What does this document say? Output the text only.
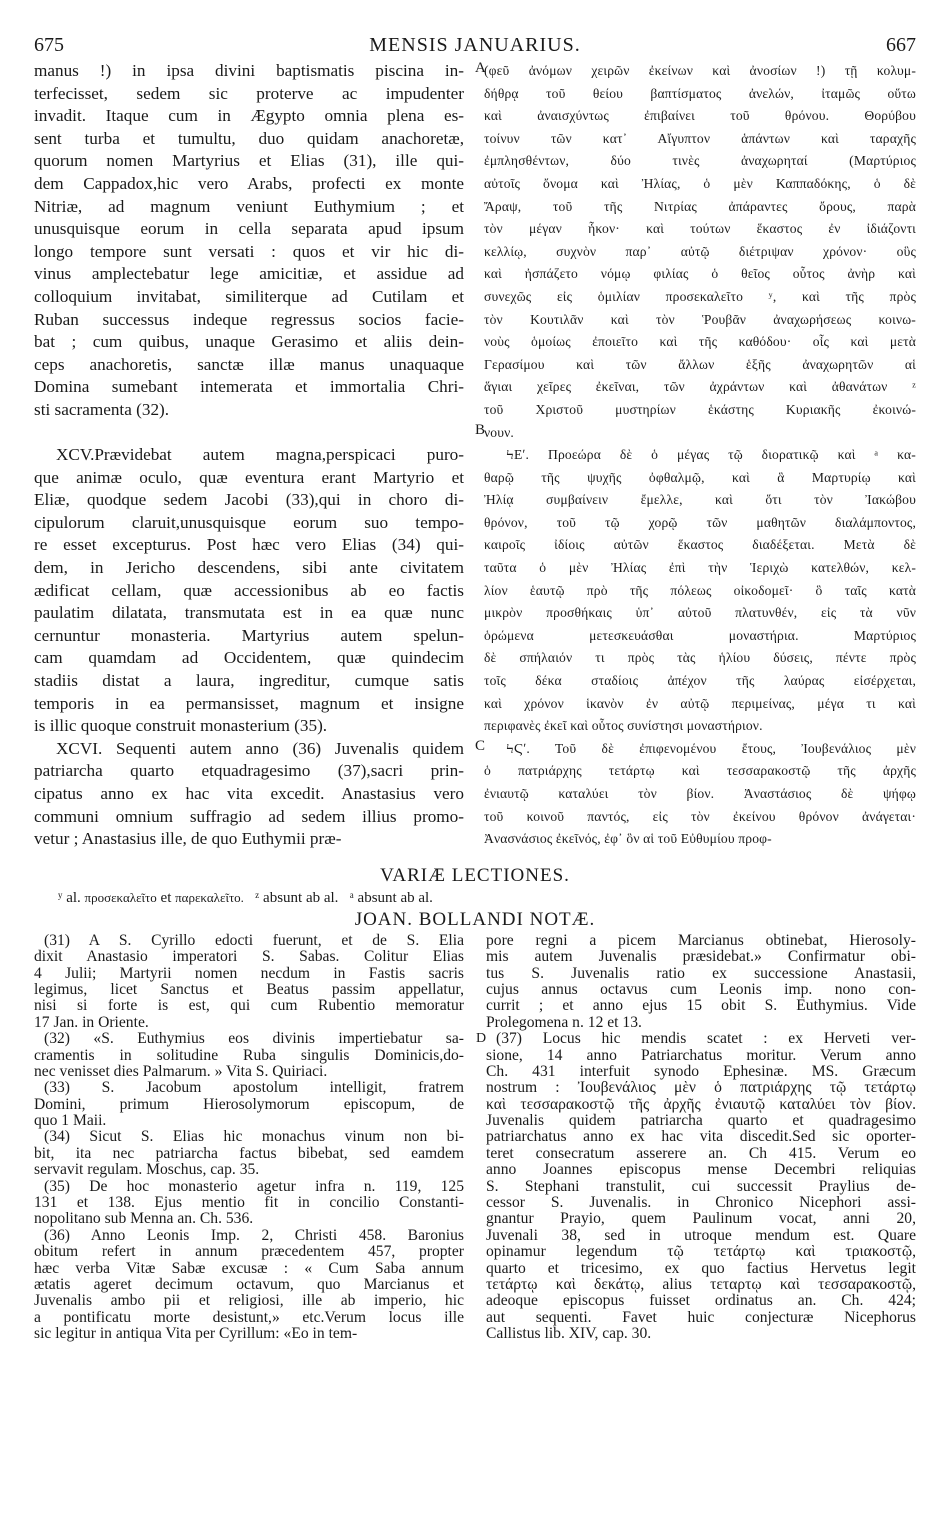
675	MENSIS JANUARIUS.	667
manus !) in ipsa divini baptismatis piscina in-
terfecisset, sedem sic proterve ac impudenter
invadit. Itaque cum in Ægypto omnia plena es-
sent turba et tumultu, duo quidam anachoretæ,
quorum nomen Martyrius et Elias (31), ille qui-
dem Cappadox,hic vero Arabs, profecti ex monte
Nitriæ, ad magnum veniunt Euthymium ; et
unusquisque eorum in cella separata apud ipsum
longo tempore sunt versati : quos et vir hic di-
vinus amplectebatur lege amicitiæ, et assidue ad
colloquium invitabat, similiterque ad Cutilam et
Ruban successus indeque regressus socios facie-
bat ; cum quibus, unaque Gerasimo et aliis dein-
ceps anachoretis, sanctæ illæ manus unaquaque
Domina sumebant intemerata et immortalia Chri-
sti sacramenta (32).
XCV.Prævidebat autem magna,perspicaci puro-
que animæ oculo, quæ eventura erant Martyrio et
Eliæ, quodque sedem Jacobi (33),qui in choro di-
cipulorum claruit,unusquisque eorum suo tempo-
re esset excepturus. Post hæc vero Elias (34) qui-
dem, in Jericho descendens, sibi ante civitatem
ædificat cellam, quæ accessionibus ab eo factis
paulatim dilatata, transmutata est in ea quæ nunc
cernuntur monasteria. Martyrius autem spelun-
cam quamdam ad Occidentem, quæ quindecim
stadiis distat a laura, ingreditur, cumque satis
temporis in ea permansisset, magnum et insigne
is illic quoque construit monasterium (35).
XCVI. Sequenti autem anno (36) Juvenalis quidem
patriarcha quarto etquadragesimo (37),sacri prin-
cipatus anno ex hac vita excedit. Anastasius vero
communi omnium suffragio ad sedem illius promo-
vetur ; Anastasius ille, de quo Euthymii præ-
(φεῦ ἀνόμων χειρῶν ἐκείνων καὶ ἀνοσίων !) τῇ κολυμ-
δήθρᾳ τοῦ θείου βαπτίσματος ἀνελών, ἰταμῶς οὕτω
καὶ ἀναισχύντως ἐπιβαίνει τοῦ θρόνου. Θορύβου
τοίνυν τῶν κατ᾽ Αἴγυπτον ἁπάντων καὶ ταραχῆς
ἐμπλησθέντων, δύο τινὲς ἀναχωρηταί (Μαρτύριος
αὐτοῖς ὄνομα καὶ Ἠλίας, ὁ μὲν Καππαδόκης, ὁ δὲ
Ἄραψ, τοῦ τῆς Νιτρίας ἀπάραντες ὄρους, παρὰ
τὸν μέγαν ἧκον· καὶ τούτων ἕκαστος ἐν ἰδιάζοντι
κελλίῳ, συχνὸν παρ᾽ αὐτῷ διέτριψαν χρόνον· οὓς
καὶ ἠσπάζετο νόμῳ φιλίας ὁ θεῖος οὗτος ἀνὴρ καὶ
συνεχῶς εἰς ὁμιλίαν προσεκαλεῖτο ʸ, καὶ τῆς πρὸς
τὸν Κουτιλᾶν καὶ τὸν Ῥουβᾶν ἀναχωρήσεως κοινω-
νοὺς ὁμοίως ἐποιεῖτο καὶ τῆς καθόδου· οἷς καὶ μετὰ
Γερασίμου καὶ τῶν ἄλλων ἑξῆς ἀναχωρητῶν αἱ
ἅγιαι χεῖρες ἐκεῖναι, τῶν ἀχράντων καὶ ἀθανάτων ᶻ
τοῦ Χριστοῦ μυστηρίων ἑκάστης Κυριακῆς ἐκοινώ-
νουν.
ϞΕʹ. Προεώρα δὲ ὁ μέγας τῷ διορατικῷ καὶ ᵃ κα-
θαρῷ τῆς ψυχῆς ὀφθαλμῷ, καὶ ἃ Μαρτυρίῳ καὶ
Ἠλίᾳ συμβαίνειν ἔμελλε, καὶ ὅτι τὸν Ἰακώβου
θρόνον, τοῦ τῷ χορῷ τῶν μαθητῶν διαλάμποντος,
καιροῖς ἰδίοις αὐτῶν ἕκαστος διαδέξεται. Μετὰ δὲ
ταῦτα ὁ μὲν Ἠλίας ἐπὶ τὴν Ἱεριχὼ κατελθών, κελ-
λίον ἑαυτῷ πρὸ τῆς πόλεως οἰκοδομεῖ· ὃ ταῖς κατὰ
μικρὸν προσθήκαις ὑπ᾽ αὐτοῦ πλατυνθέν, εἰς τὰ νῦν
ὁρώμενα μετεσκευάσθαι μοναστήρια. Μαρτύριος
δὲ σπήλαιόν τι πρὸς τὰς ἡλίου δύσεις, πέντε πρὸς
τοῖς δέκα σταδίοις ἀπέχον τῆς λαύρας εἰσέρχεται,
καὶ χρόνον ἱκανὸν ἐν αὐτῷ περιμείνας, μέγα τι καὶ
περιφανὲς ἐκεῖ καὶ οὗτος συνίστησι μοναστήριον.
ϞϚʹ. Τοῦ δὲ ἐπιφενομένου ἔτους, Ἰουβενάλιος μὲν
ὁ πατριάρχης τετάρτῳ καὶ τεσσαρακοστῷ τῆς ἀρχῆς
ἐνιαυτῷ καταλύει τὸν βίον. Ἀναστάσιος δὲ ψήφῳ
τοῦ κοινοῦ παντός, εἰς τὸν ἐκείνου θρόνον ἀνάγεται·
Ἀνασνάσιος ἐκεῖνός, ἐφ᾽ ὃν αἱ τοῦ Εὐθυμίου προφ-
A
B
C
VARIÆ LECTIONES.
ʸ al. προσεκαλεῖτο et παρεκαλεῖτο. ᶻ absunt ab al. ᵃ absunt ab al.
JOAN. BOLLANDI NOTÆ.
(31) A S. Cyrillo edocti fuerunt, et de S. Elia
dixit Anastasio imperatori S. Sabas. Colitur Elias
4 Julii; Martyrii nomen necdum in Fastis sacris
legimus, licet Sanctus et Beatus passim appellatur,
nisi si forte is est, qui cum Rubentio memoratur
17 Jan. in Oriente.
(32) «S. Euthymius eos divinis impertiebatur sa-
cramentis in solitudine Ruba singulis Dominicis,do-
nec venisset dies Palmarum. » Vita S. Quiriaci.
(33) S. Jacobum apostolum intelligit, fratrem
Domini, primum Hierosolymorum episcopum, de
quo 1 Maii.
(34) Sicut S. Elias hic monachus vinum non bi-
bit, ita nec patriarcha factus bibebat, sed eamdem
servavit regulam. Moschus, cap. 35.
(35) De hoc monasterio agetur infra n. 119, 125
131 et 138. Ejus mentio fit in concilio Constanti-
nopolitano sub Menna an. Ch. 536.
(36) Anno Leonis Imp. 2, Christi 458. Baronius
obitum refert in annum præcedentem 457, propter
hæc verba Vitæ Sabæ excusæ : « Cum Saba annum
ætatis ageret decimum octavum, quo Marcianus et
Juvenalis ambo pii et religiosi, ille ab imperio, hic
a pontificatu morte desistunt,» etc.Verum locus ille
sic legitur in antiqua Vita per Cyrillum: «Eo in tem-
pore regni a picem Marcianus obtinebat, Hierosoly-
mis autem Juvenalis præsidebat.» Confirmatur obi-
tus S. Juvenalis ratio ex successione Anastasii,
cujus annus octavus cum Leonis imp. nono con-
currit ; et anno ejus 15 obit S. Euthymius. Vide
Prolegomena n. 12 et 13.
(37) Locus hic mendis scatet : ex Herveti ver-
sione, 14 anno Patriarchatus moritur. Verum anno
Ch. 431 interfuit synodo Ephesinæ. MS. Græcum
nostrum : Ἰουβενάλιος μὲν ὁ πατριάρχης τῷ τετάρτῳ
καὶ τεσσαρακοστῷ τῆς ἀρχῆς ἐνιαυτῷ καταλύει τὸν βίον.
Juvenalis quidem patriarcha quarto et quadragesimo
patriarchatus anno ex hac vita discedit.Sed sic oporter-
teret consecratum asserere an. Ch 415. Verum eo
anno Joannes episcopus mense Decembri reliquias
S. Stephani transtulit, cui successit Praylius de-
cessor S. Juvenalis. in Chronico Nicephori assi-
gnantur Prayio, quem Paulinum vocat, anni 20,
Juvenali 38, sed in utroque mendum est. Quare
opinamur legendum τῷ τετάρτῳ καὶ τριακοστῷ,
quarto et tricesimo, ex quo factius Hervetus legit
τετάρτῳ καὶ δεκάτῳ, alius τεταρτῳ καὶ τεσσαρακοστῷ,
adeoque episcopus fuisset ordinatus an. Ch. 424;
aut sequenti. Favet huic conjecturæ Nicephorus
Callistus lib. XIV, cap. 30.
D
